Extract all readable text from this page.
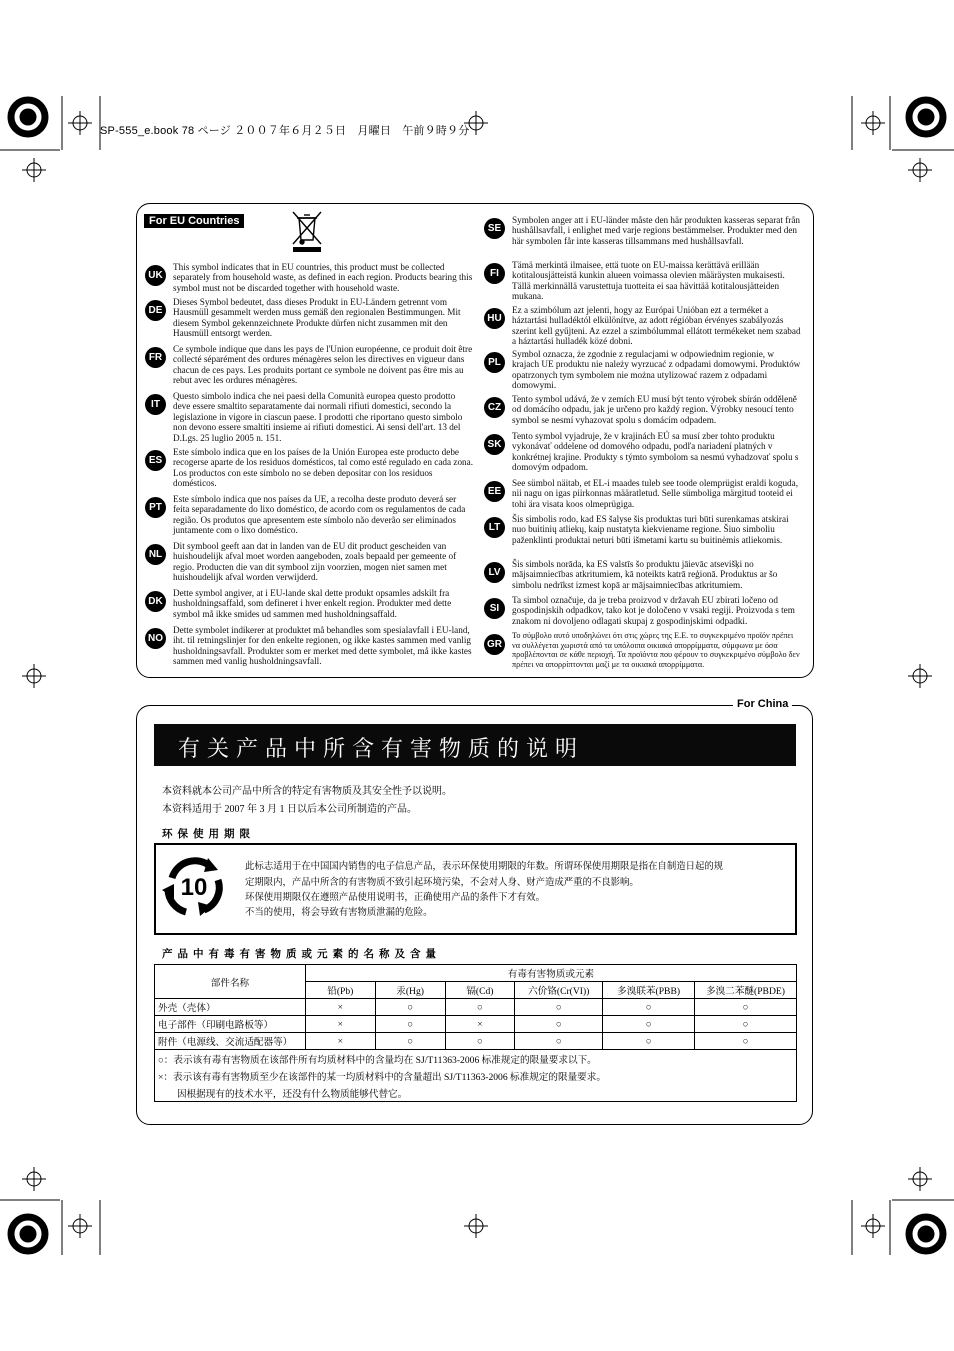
SP-555_e.book 78 ページ ２００７年６月２５日　月曜日　午前９時９分
For EU Countries
UK
This symbol indicates that in EU countries, this product must be collected separately from household waste, as defined in each region. Products bearing this symbol must not be discarded together with household waste.
DE
Dieses Symbol bedeutet, dass dieses Produkt in EU-Ländern getrennt vom Hausmüll gesammelt werden muss gemäß den regionalen Bestimmungen. Mit diesem Symbol gekennzeichnete Produkte dürfen nicht zusammen mit den Hausmüll entsorgt werden.
FR
Ce symbole indique que dans les pays de l'Union européenne, ce produit doit être collecté séparément des ordures ménagères selon les directives en vigueur dans chacun de ces pays. Les produits portant ce symbole ne doivent pas être mis au rebut avec les ordures ménagères.
IT
Questo simbolo indica che nei paesi della Comunità europea questo prodotto deve essere smaltito separatamente dai normali rifiuti domestici, secondo la legislazione in vigore in ciascun paese. I prodotti che riportano questo simbolo non devono essere smaltiti insieme ai rifiuti domestici. Ai sensi dell'art. 13 del D.Lgs. 25 luglio 2005 n. 151.
ES
Este símbolo indica que en los países de la Unión Europea este producto debe recogerse aparte de los residuos domésticos, tal como esté regulado en cada zona. Los productos con este símbolo no se deben depositar con los residuos domésticos.
PT
Este símbolo indica que nos países da UE, a recolha deste produto deverá ser feita separadamente do lixo doméstico, de acordo com os regulamentos de cada região. Os produtos que apresentem este símbolo não deverão ser eliminados juntamente com o lixo doméstico.
NL
Dit symbool geeft aan dat in landen van de EU dit product gescheiden van huishoudelijk afval moet worden aangeboden, zoals bepaald per gemeente of regio. Producten die van dit symbool zijn voorzien, mogen niet samen met huishoudelijk afval worden verwijderd.
DK
Dette symbol angiver, at i EU-lande skal dette produkt opsamles adskilt fra husholdningsaffald, som defineret i hver enkelt region. Produkter med dette symbol må ikke smides ud sammen med husholdningsaffald.
NO
Dette symbolet indikerer at produktet må behandles som spesialavfall i EU-land, iht. til retningslinjer for den enkelte regionen, og ikke kastes sammen med vanlig husholdningsavfall. Produkter som er merket med dette symbolet, må ikke kastes sammen med vanlig husholdningsavfall.
SE
Symbolen anger att i EU-länder måste den här produkten kasseras separat från hushållsavfall, i enlighet med varje regions bestämmelser. Produkter med den här symbolen får inte kasseras tillsammans med hushållsavfall.
FI
Tämä merkintä ilmaisee, että tuote on EU-maissa kerättävä erillään kotitalousjätteistä kunkin alueen voimassa olevien määräysten mukaisesti. Tällä merkinnällä varustettuja tuotteita ei saa hävittää kotitalousjätteiden mukana.
HU
Ez a szimbólum azt jelenti, hogy az Európai Unióban ezt a terméket a háztartási hulladéktól elkülönítve, az adott régióban érvényes szabályozás szerint kell gyűjteni. Az ezzel a szimbólummal ellátott termékeket nem szabad a háztartási hulladék közé dobni.
PL
Symbol oznacza, że zgodnie z regulacjami w odpowiednim regionie, w krajach UE produktu nie należy wyrzucać z odpadami domowymi. Produktów opatrzonych tym symbolem nie można utylizować razem z odpadami domowymi.
CZ
Tento symbol udává, že v zemích EU musí být tento výrobek sbírán odděleně od domácího odpadu, jak je určeno pro každý region. Výrobky nesoucí tento symbol se nesmí vyhazovat spolu s domácím odpadem.
SK
Tento symbol vyjadruje, že v krajinách EÚ sa musí zber tohto produktu vykonávať oddelene od domového odpadu, podľa nariadení platných v konkrétnej krajine. Produkty s týmto symbolom sa nesmú vyhadzovať spolu s domovým odpadom.
EE
See sümbol näitab, et EL-i maades tuleb see toode olemprügist eraldi koguda, nii nagu on igas piirkonnas määratletud. Selle sümboliga märgitud tooteid ei tohi ära visata koos olmeprügiga.
LT
Šis simbolis rodo, kad ES šalyse šis produktas turi būti surenkamas atskirai nuo buitinių atliekų, kaip nustatyta kiekviename regione. Šiuo simboliu paženklinti produktai neturi būti išmetami kartu su buitinėmis atliekomis.
LV
Šis simbols norāda, ka ES valstīs šo produktu jāievāc atsevišķi no mājsaimniecības atkritumiem, kā noteikts katrā reģionā. Produktus ar šo simbolu nedrīkst izmest kopā ar mājsaimniecības atkritumiem.
SI
Ta simbol označuje, da je treba proizvod v državah EU zbirati ločeno od gospodinjskih odpadkov, tako kot je določeno v vsaki regiji. Proizvoda s tem znakom ni dovoljeno odlagati skupaj z gospodinjskimi odpadki.
GR
Το σύμβολο αυτό υποδηλώνει ότι στις χώρες της Ε.Ε. το συγκεκριμένο προϊόν πρέπει να συλλέγεται χωριστά από τα υπόλοιπα οικιακά απορρίμματα, σύμφωνα με όσα προβλέπονται σε κάθε περιοχή. Τα προϊόντα που φέρουν το συγκεκριμένο σύμβολο δεν πρέπει να απορρίπτονται μαζί με τα οικιακά απορρίμματα.
For China
有关产品中所含有害物质的说明
本资料就本公司产品中所含的特定有害物质及其安全性予以说明。
本资料适用于 2007 年 3 月 1 日以后本公司所制造的产品。
环保使用期限
10
此标志适用于在中国国内销售的电子信息产品，表示环保使用期限的年数。所谓环保使用期限是指在自制造日起的规
定期限内，产品中所含的有害物质不致引起环境污染，不会对人身、财产造成严重的不良影响。
环保使用期限仅在遵照产品使用说明书，正确使用产品的条件下才有效。
不当的使用，将会导致有害物质泄漏的危险。
产品中有毒有害物质或元素的名称及含量
部件名称	有毒有害物质或元素					
	铅(Pb)	汞(Hg)	镉(Cd)	六价铬(Cr(VI))	多溴联苯(PBB)	多溴二苯醚(PBDE)
外壳（壳体）	×	○	○	○	○	○
电子部件（印刷电路板等）	×	○	×	○	○	○
附件（电源线、交流适配器等）	×	○	○	○	○	○
○：表示该有毒有害物质在该部件所有均质材料中的含量均在 SJ/T11363-2006 标准规定的限量要求以下。						
×：表示该有毒有害物质至少在该部件的某一均质材料中的含量超出 SJ/T11363-2006 标准规定的限量要求。						
因根据现有的技术水平，还没有什么物质能够代替它。						
